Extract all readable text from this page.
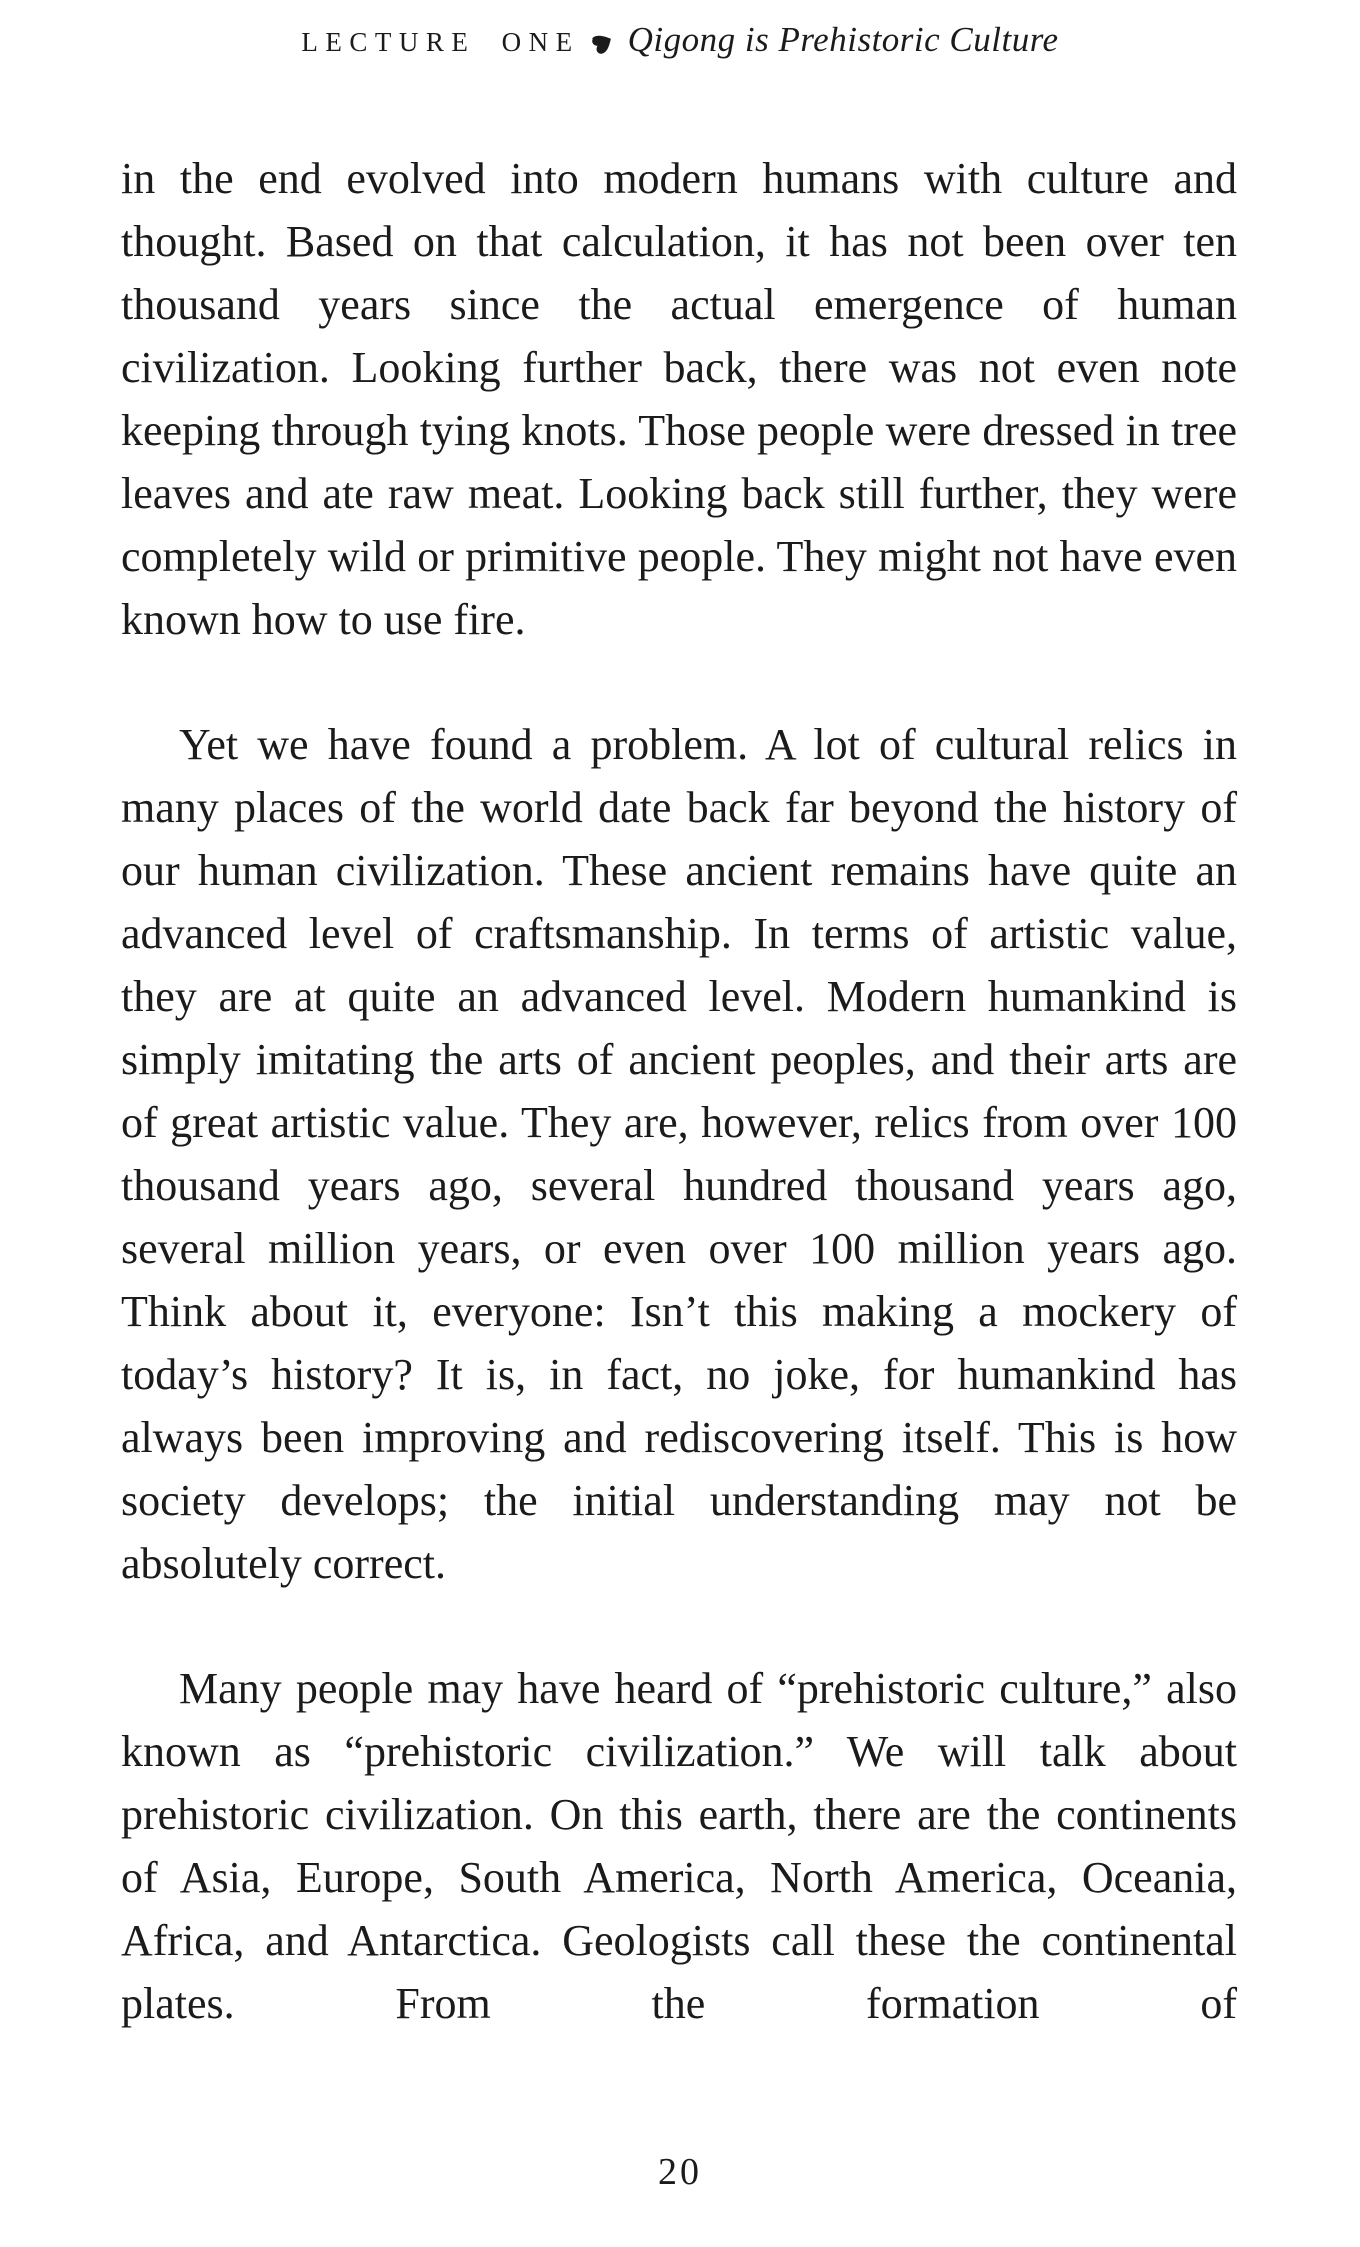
LECTURE ONE Qigong is Prehistoric Culture

in the end evolved into modern humans with culture and thought. Based on that calculation, it has not been over ten thousand years since the actual emergence of human civilization. Looking further back, there was not even note keeping through tying knots. Those people were dressed in tree leaves and ate raw meat. Looking back still further, they were completely wild or primitive people. They might not have even known how to use fire.

Yet we have found a problem. A lot of cultural relics in many places of the world date back far beyond the history of our human civilization. These ancient remains have quite an advanced level of craftsmanship. In terms of artistic value, they are at quite an advanced level. Modern humankind is simply imitating the arts of ancient peoples, and their arts are of great artistic value. They are, however, relics from over 100 thousand years ago, several hundred thousand years ago, several million years, or even over 100 million years ago. Think about it, everyone: Isn’t this making a mockery of today’s history? It is, in fact, no joke, for humankind has always been improving and rediscovering itself. This is how society develops; the initial understanding may not be absolutely correct.

Many people may have heard of “prehistoric culture,” also known as “prehistoric civilization.” We will talk about prehistoric civilization. On this earth, there are the continents of Asia, Europe, South America, North America, Oceania, Africa, and Antarctica. Geologists call these the continental plates. From the formation of

20
